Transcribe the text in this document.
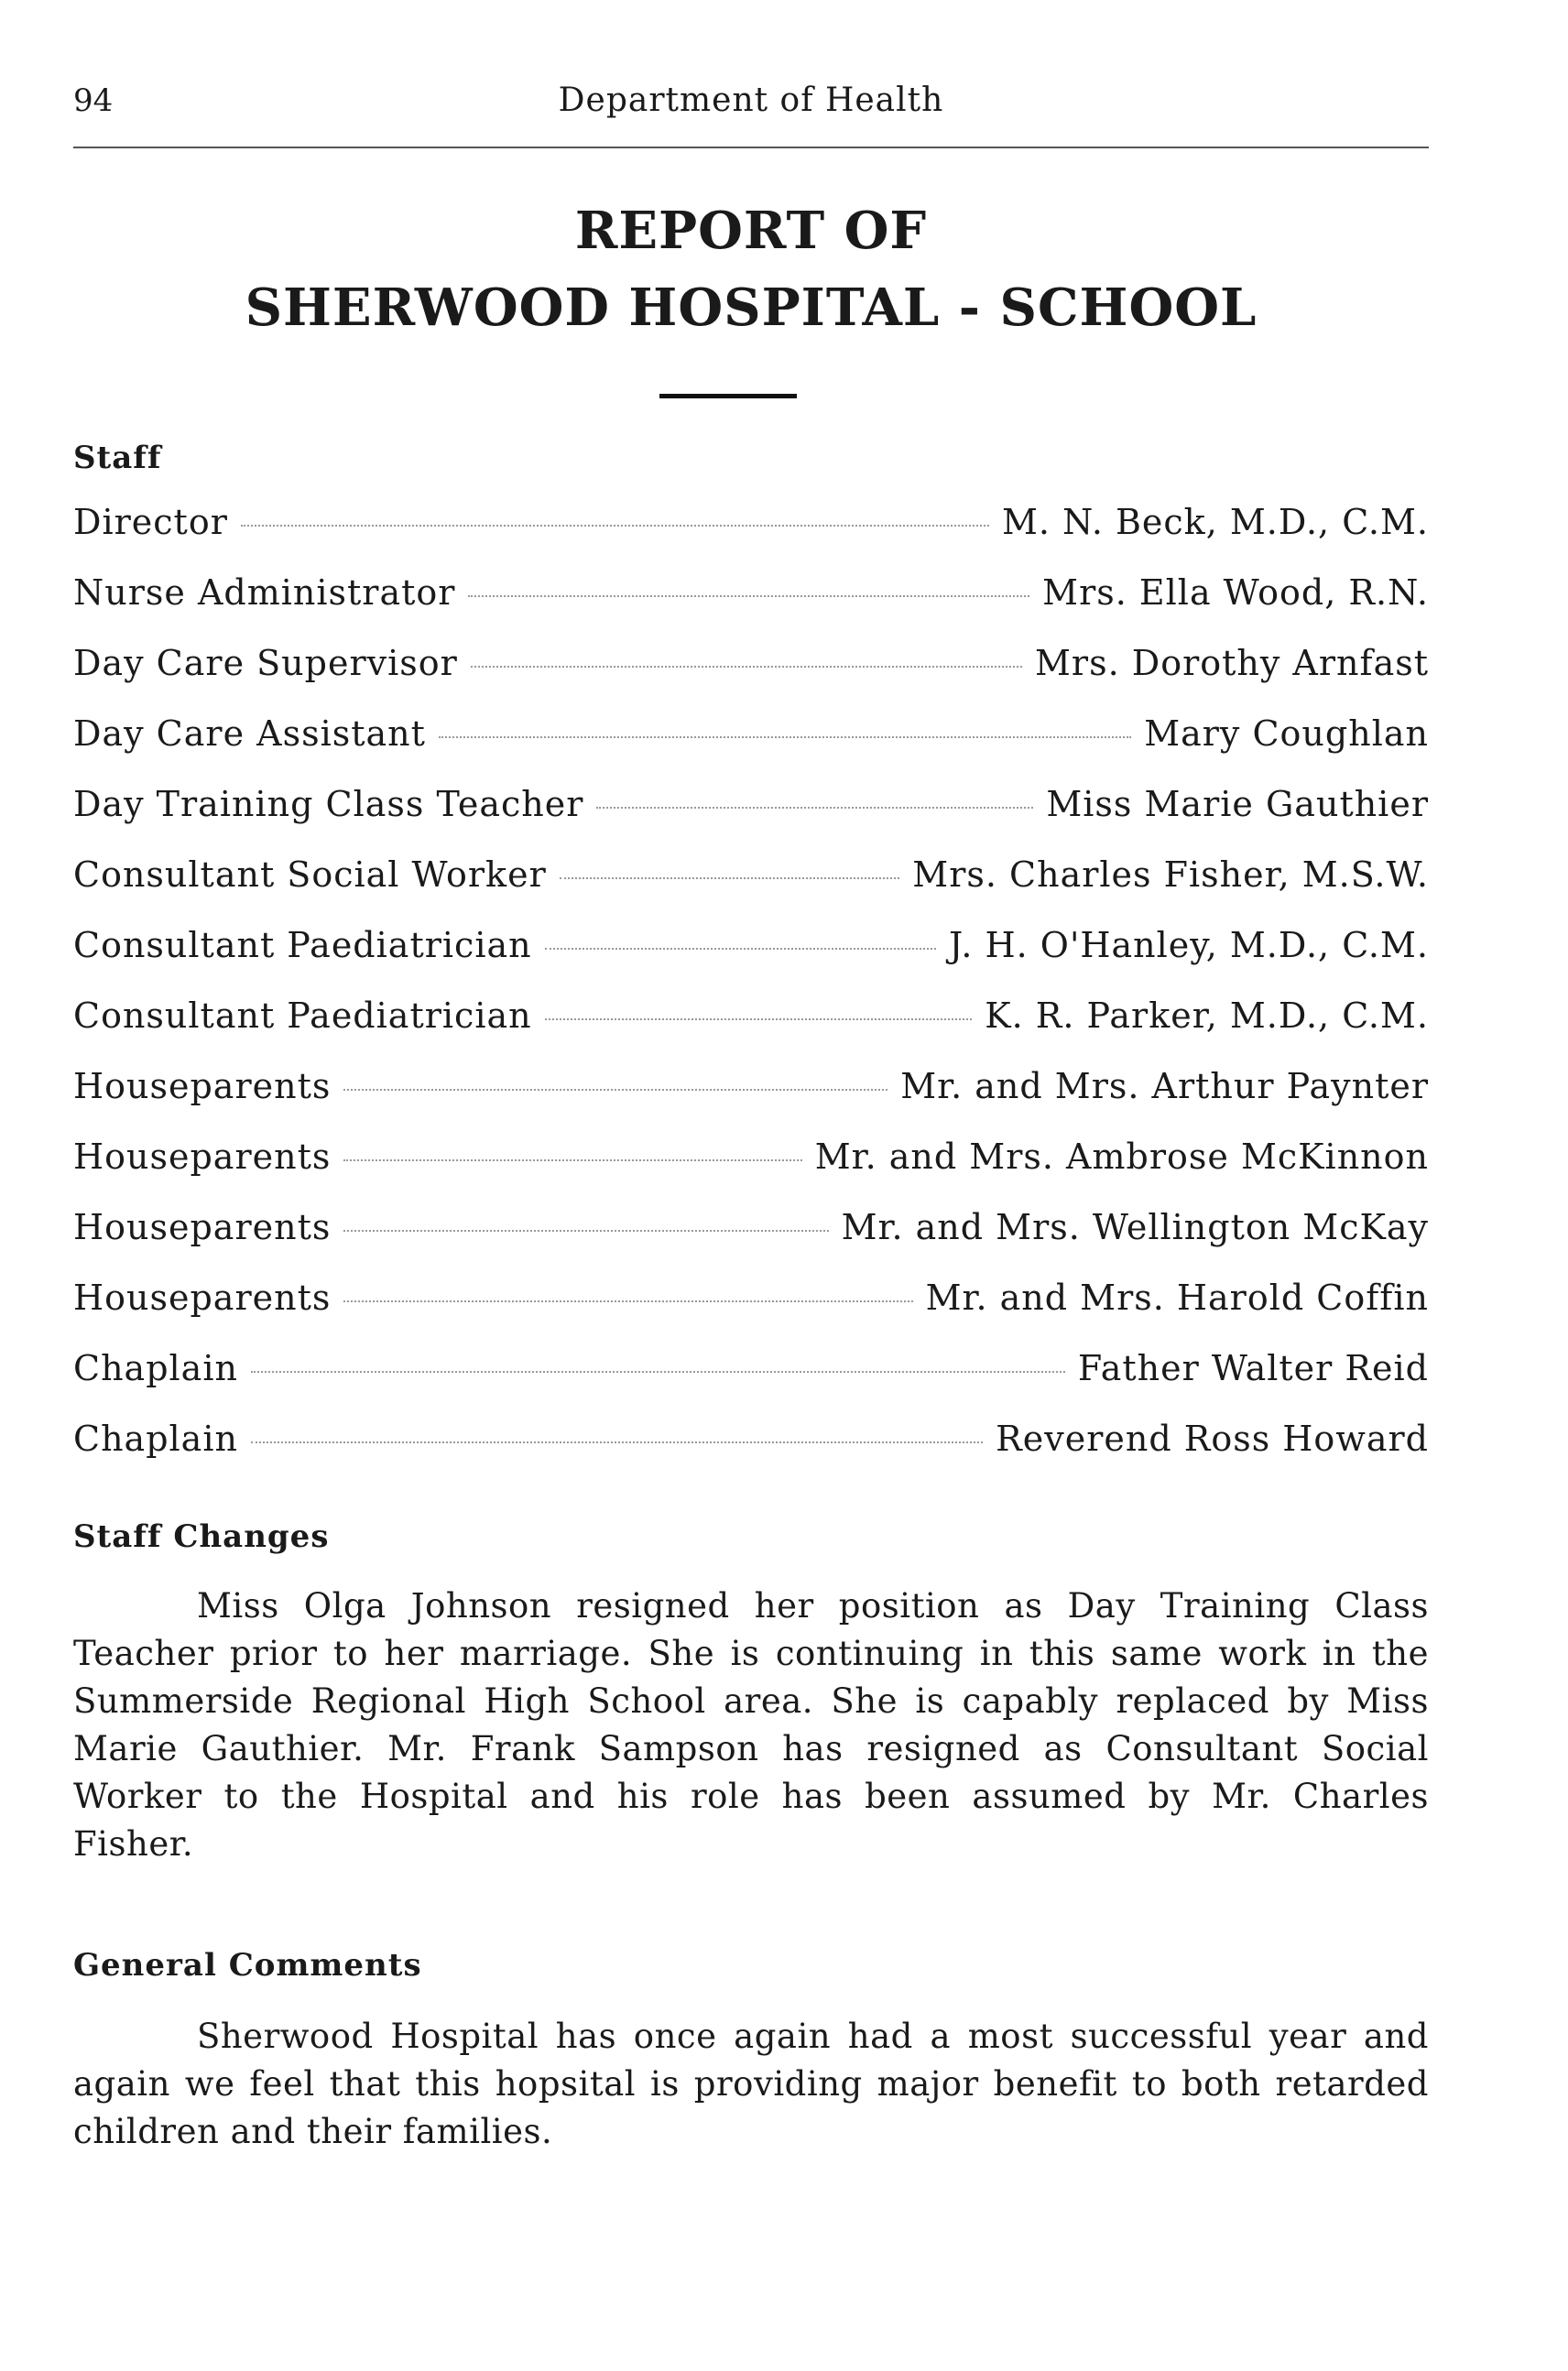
94	Department of Health
REPORT OF
SHERWOOD HOSPITAL - SCHOOL
Staff
Director	M. N. Beck, M.D., C.M.
Nurse Administrator	Mrs. Ella Wood, R.N.
Day Care Supervisor	Mrs. Dorothy Arnfast
Day Care Assistant	Mary Coughlan
Day Training Class Teacher	Miss Marie Gauthier
Consultant Social Worker	Mrs. Charles Fisher, M.S.W.
Consultant Paediatrician	J. H. O'Hanley, M.D., C.M.
Consultant Paediatrician	K. R. Parker, M.D., C.M.
Houseparents	Mr. and Mrs. Arthur Paynter
Houseparents	Mr. and Mrs. Ambrose McKinnon
Houseparents	Mr. and Mrs. Wellington McKay
Houseparents	Mr. and Mrs. Harold Coffin
Chaplain	Father Walter Reid
Chaplain	Reverend Ross Howard
Staff Changes

Miss Olga Johnson resigned her position as Day Training Class Teacher prior to her marriage. She is continuing in this same work in the Summerside Regional High School area. She is capably replaced by Miss Marie Gauthier. Mr. Frank Sampson has resigned as Consultant Social Worker to the Hospital and his role has been assumed by Mr. Charles Fisher.

General Comments

Sherwood Hospital has once again had a most successful year and again we feel that this hopsital is providing major benefit to both retarded children and their families.
